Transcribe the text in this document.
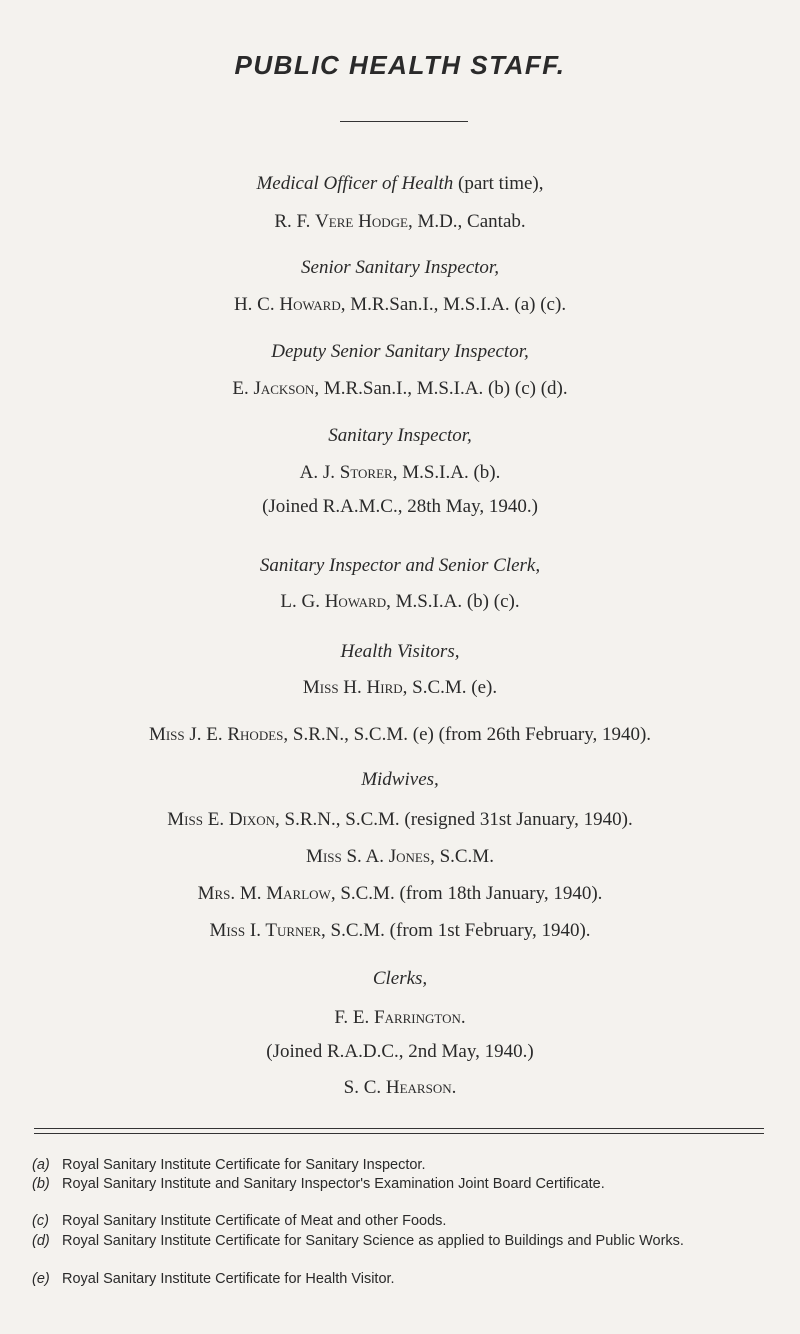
PUBLIC HEALTH STAFF.
Medical Officer of Health (part time),
R. F. Vere Hodge, M.D., Cantab.
Senior Sanitary Inspector,
H. C. Howard, M.R.San.I., M.S.I.A. (a) (c).
Deputy Senior Sanitary Inspector,
E. Jackson, M.R.San.I., M.S.I.A. (b) (c) (d).
Sanitary Inspector,
A. J. Storer, M.S.I.A. (b).
(Joined R.A.M.C., 28th May, 1940.)
Sanitary Inspector and Senior Clerk,
L. G. Howard, M.S.I.A. (b) (c).
Health Visitors,
Miss H. Hird, S.C.M. (e).
Miss J. E. Rhodes, S.R.N., S.C.M. (e) (from 26th February, 1940).
Midwives,
Miss E. Dixon, S.R.N., S.C.M. (resigned 31st January, 1940).
Miss S. A. Jones, S.C.M.
Mrs. M. Marlow, S.C.M. (from 18th January, 1940).
Miss I. Turner, S.C.M. (from 1st February, 1940).
Clerks,
F. E. Farrington.
(Joined R.A.D.C., 2nd May, 1940.)
S. C. Hearson.
(a) Royal Sanitary Institute Certificate for Sanitary Inspector.
(b) Royal Sanitary Institute and Sanitary Inspector's Examination Joint Board Certificate.
(c) Royal Sanitary Institute Certificate of Meat and other Foods.
(d) Royal Sanitary Institute Certificate for Sanitary Science as applied to Buildings and Public Works.
(e) Royal Sanitary Institute Certificate for Health Visitor.
